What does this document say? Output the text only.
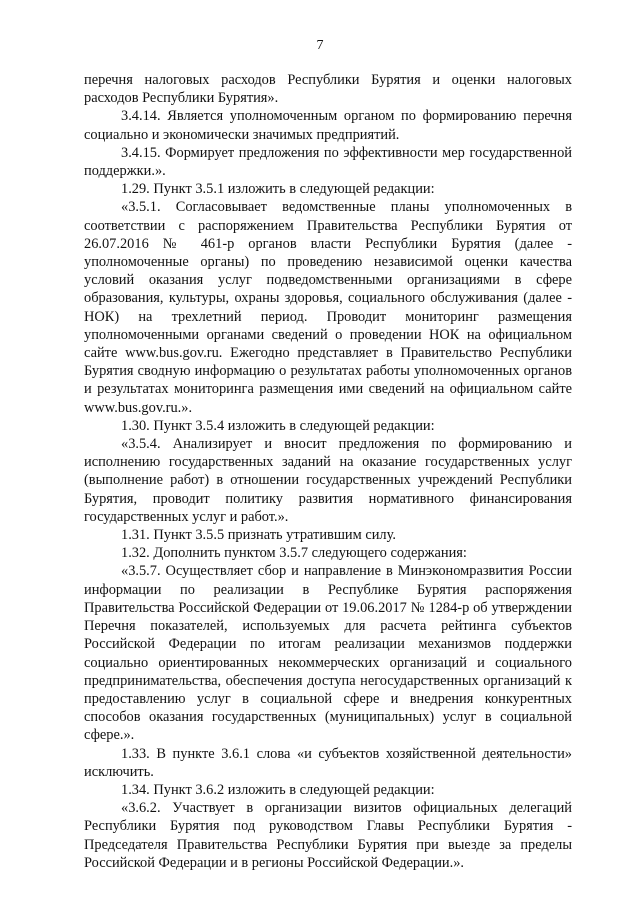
7

перечня налоговых расходов Республики Бурятия и оценки налоговых расходов Республики Бурятия».

3.4.14. Является уполномоченным органом по формированию перечня социально и экономически значимых предприятий.

3.4.15. Формирует предложения по эффективности мер государственной поддержки.».

1.29. Пункт 3.5.1 изложить в следующей редакции:

«3.5.1. Согласовывает ведомственные планы уполномоченных в соответствии с распоряжением Правительства Республики Бурятия от 26.07.2016 № 461-р органов власти Республики Бурятия (далее - уполномоченные органы) по проведению независимой оценки качества условий оказания услуг подведомственными организациями в сфере образования, культуры, охраны здоровья, социального обслуживания (далее - НОК) на трехлетний период. Проводит мониторинг размещения уполномоченными органами сведений о проведении НОК на официальном сайте www.bus.gov.ru. Ежегодно представляет в Правительство Республики Бурятия сводную информацию о результатах работы уполномоченных органов и результатах мониторинга размещения ими сведений на официальном сайте www.bus.gov.ru.».

1.30. Пункт 3.5.4 изложить в следующей редакции:

«3.5.4. Анализирует и вносит предложения по формированию и исполнению государственных заданий на оказание государственных услуг (выполнение работ) в отношении государственных учреждений Республики Бурятия, проводит политику развития нормативного финансирования государственных услуг и работ.».

1.31. Пункт 3.5.5 признать утратившим силу.

1.32. Дополнить пунктом 3.5.7 следующего содержания:

«3.5.7. Осуществляет сбор и направление в Минэкономразвития России информации по реализации в Республике Бурятия распоряжения Правительства Российской Федерации от 19.06.2017 № 1284-р об утверждении Перечня показателей, используемых для расчета рейтинга субъектов Российской Федерации по итогам реализации механизмов поддержки социально ориентированных некоммерческих организаций и социального предпринимательства, обеспечения доступа негосударственных организаций к предоставлению услуг в социальной сфере и внедрения конкурентных способов оказания государственных (муниципальных) услуг в социальной сфере.».

1.33. В пункте 3.6.1 слова «и субъектов хозяйственной деятельности» исключить.

1.34. Пункт 3.6.2 изложить в следующей редакции:

«3.6.2. Участвует в организации визитов официальных делегаций Республики Бурятия под руководством Главы Республики Бурятия - Председателя Правительства Республики Бурятия при выезде за пределы Российской Федерации и в регионы Российской Федерации.».
